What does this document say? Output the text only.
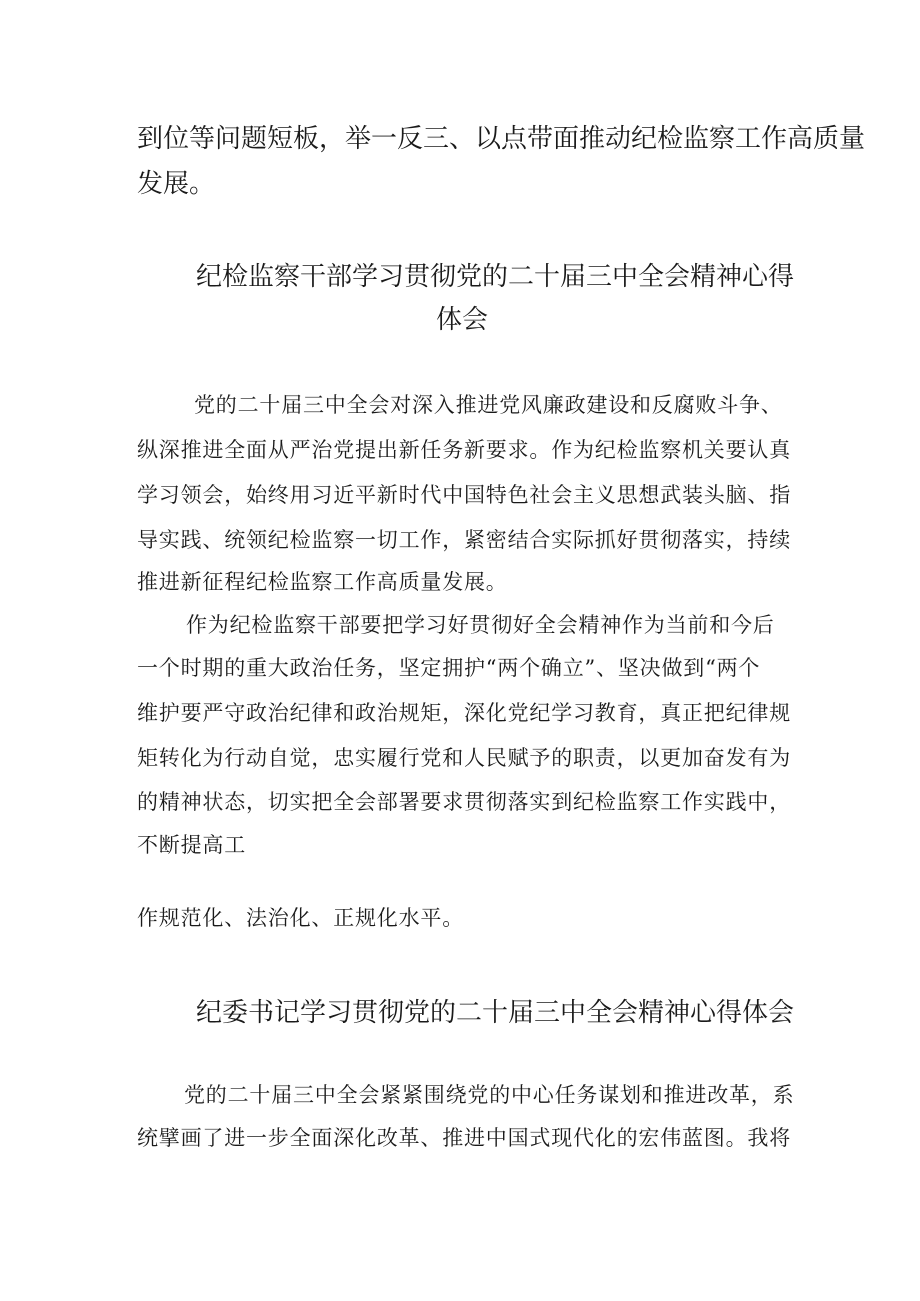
到位等问题短板，举一反三、以点带面推动纪检监察工作高质量

发展。

纪检监察干部学习贯彻党的二十届三中全会精神心得

体会

党的二十届三中全会对深入推进党风廉政建设和反腐败斗争、

纵深推进全面从严治党提出新任务新要求。作为纪检监察机关要认真

学习领会，始终用习近平新时代中国特色社会主义思想武装头脑、指

导实践、统领纪检监察一切工作，紧密结合实际抓好贯彻落实，持续

推进新征程纪检监察工作高质量发展。

作为纪检监察干部要把学习好贯彻好全会精神作为当前和今后

一个时期的重大政治任务，坚定拥护“两个确立”、坚决做到“两个

维护要严守政治纪律和政治规矩，深化党纪学习教育，真正把纪律规

矩转化为行动自觉，忠实履行党和人民赋予的职责，以更加奋发有为

的精神状态，切实把全会部署要求贯彻落实到纪检监察工作实践中，

不断提高工

作规范化、法治化、正规化水平。

纪委书记学习贯彻党的二十届三中全会精神心得体会

党的二十届三中全会紧紧围绕党的中心任务谋划和推进改革，系

统擘画了进一步全面深化改革、推进中国式现代化的宏伟蓝图。我将
